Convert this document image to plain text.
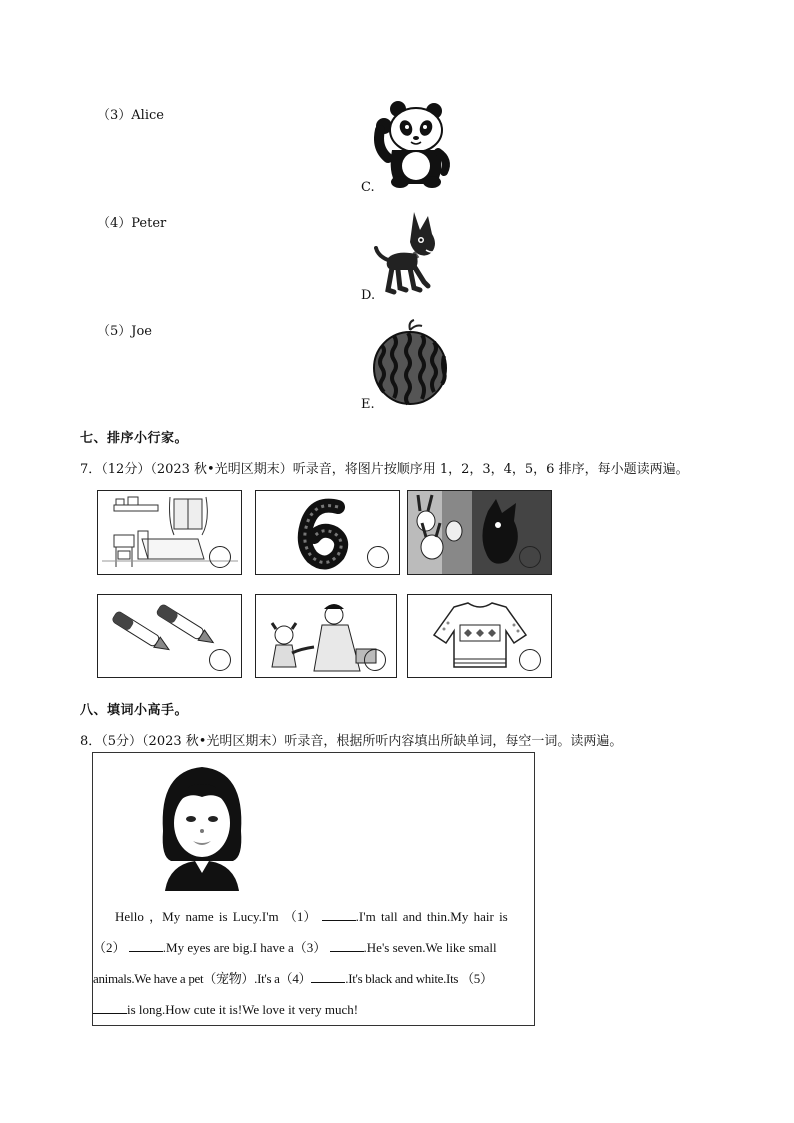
（3）Alice
（4）Peter
（5）Joe
C.
D.
E.
七、排序小行家。
7．（12分）（2023 秋•光明区期末）听录音，将图片按顺序用 1，2，3，4，5，6 排序，每小题读两遍。
八、填词小高手。
8．（5分）（2023 秋•光明区期末）听录音，根据所听内容填出所缺单词，每空一词。读两遍。
Hello ，My name is Lucy.I'm （1）	.I'm tall and thin.My hair is
（2）	.My eyes are big.I have a（3）	.He's seven.We like small
animals.We have a pet（宠物）.It's a（4）	.It's black and white.Its （5）
is long.How cute it is!We love it very much!
